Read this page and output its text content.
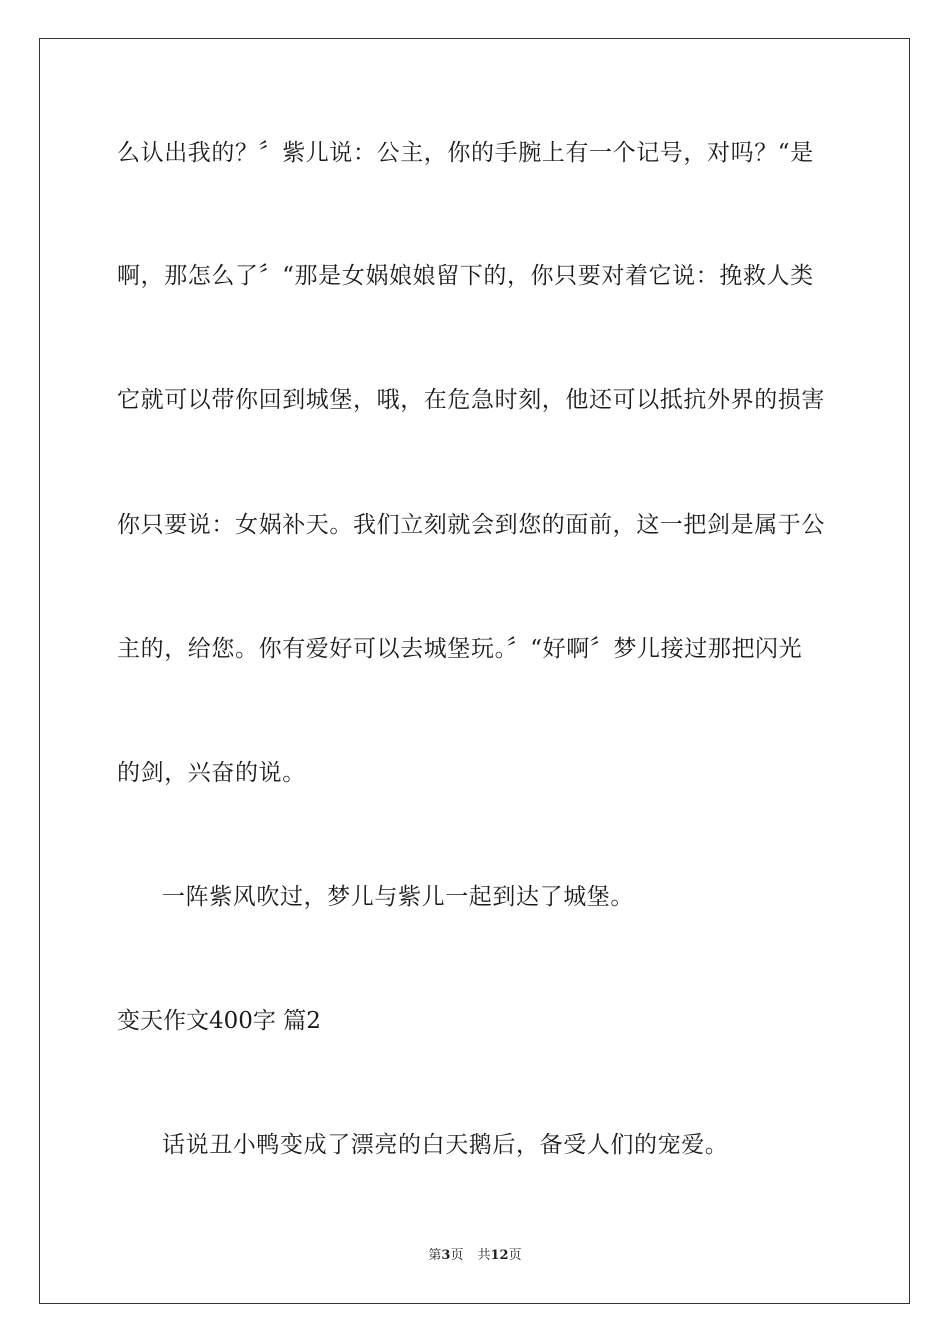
么认出我的？〞紫儿说：公主，你的手腕上有一个记号，对吗？“是
啊，那怎么了〞“那是女娲娘娘留下的，你只要对着它说：挽救人类
它就可以带你回到城堡，哦，在危急时刻，他还可以抵抗外界的损害
你只要说：女娲补天。我们立刻就会到您的面前，这一把剑是属于公
主的，给您。你有爱好可以去城堡玩。〞“好啊〞梦儿接过那把闪光
的剑，兴奋的说。
一阵紫风吹过，梦儿与紫儿一起到达了城堡。
变天作文400字 篇2
话说丑小鸭变成了漂亮的白天鹅后，备受人们的宠爱。
第3页 共12页
